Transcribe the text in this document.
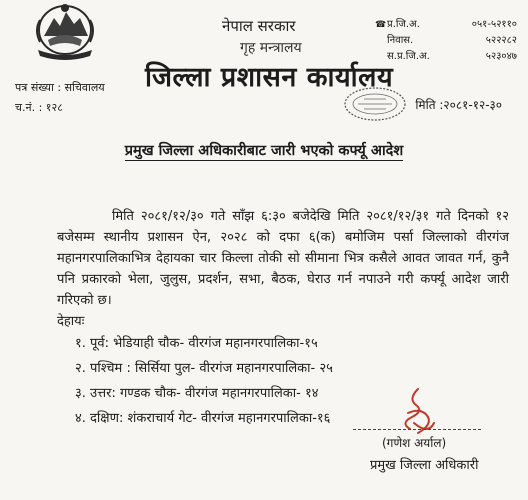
नेपाल सरकार
गृह मन्त्रालय
जिल्ला प्रशासन कार्यालय
☎प्र.जि.अ.	०५१-५२११०
निवास.	५२२२८२
स.प्र.जि.अ.	५२३०४७
पत्र संख्या : सचिवालय
च.नं. : १२८	मिति :२०८१-१२-३०
प्रमुख जिल्ला अधिकारीबाट जारी भएको कर्फ्यू आदेश

मिति २०८१/१२/३० गते साँझ ६:३० बजेदेखि मिति २०८१/१२/३१ गते दिनको १२ बजेसम्म स्थानीय प्रशासन ऐन, २०२८ को दफा ६(क) बमोजिम पर्सा जिल्लाको वीरगंज महानगरपालिकाभित्र देहायका चार किल्ला तोकी सो सीमाना भित्र कसैले आवत जावत गर्न, कुनै पनि प्रकारको भेला, जुलुस, प्रदर्शन, सभा, बैठक, घेराउ गर्न नपाउने गरी कर्फ्यू आदेश जारी गरिएको छ।

देहायः
१. पूर्व: भेडियाही चौक- वीरगंज महानगरपालिका-१५
२. पश्चिम : सिर्सिया पुल- वीरगंज महानगरपालिका- २५
३. उत्तर: गण्डक चौक- वीरगंज महानगरपालिका- १४
४. दक्षिण: शंकराचार्य गेट- वीरगंज महानगरपालिका-१६
(गणेश अर्याल)
प्रमुख जिल्ला अधिकारी
